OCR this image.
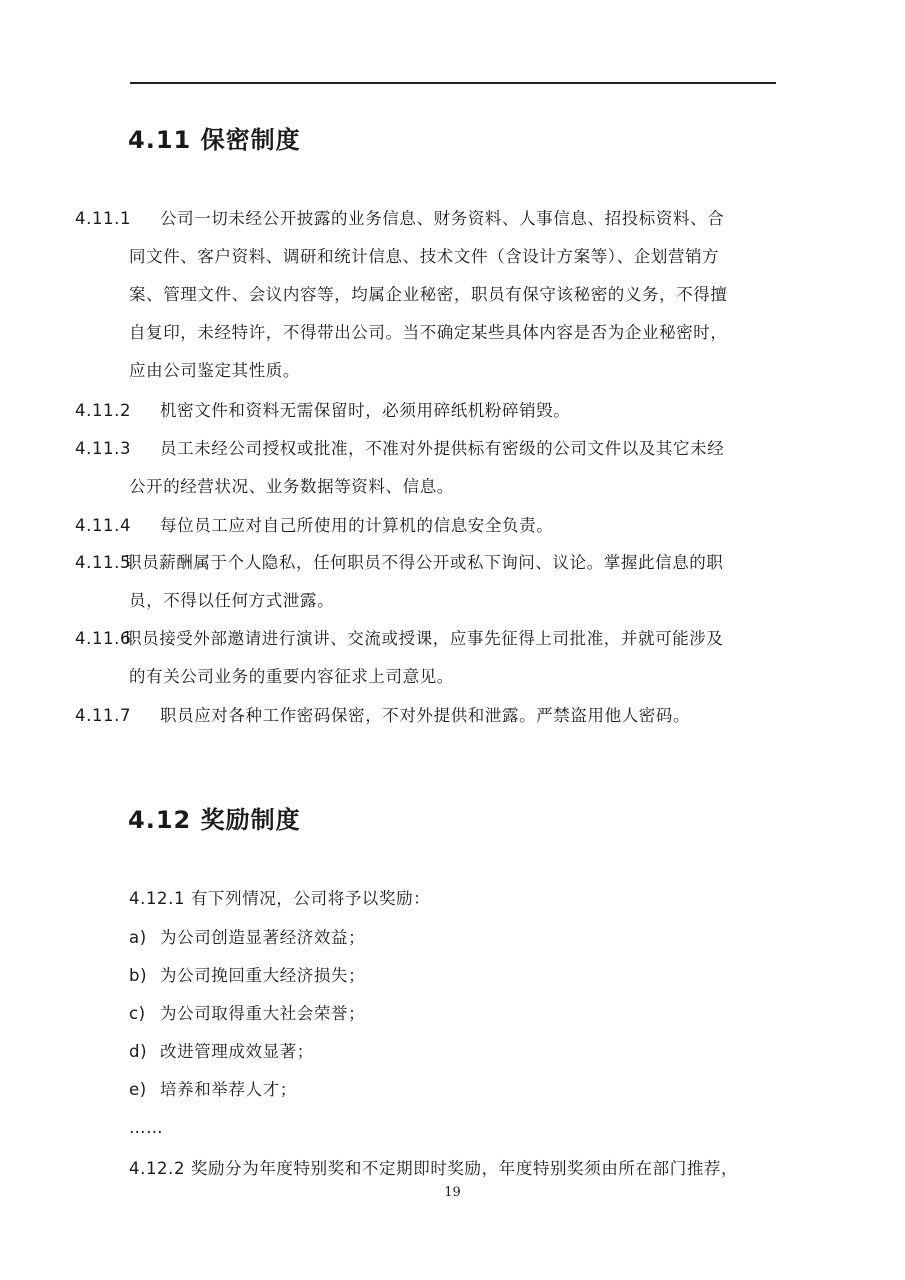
4.11 保密制度
4.11.1 公司一切未经公开披露的业务信息、财务资料、人事信息、招投标资料、合
同文件、客户资料、调研和统计信息、技术文件（含设计方案等）、企划营销方
案、管理文件、会议内容等，均属企业秘密，职员有保守该秘密的义务，不得擅
自复印，未经特许，不得带出公司。当不确定某些具体内容是否为企业秘密时，
应由公司鉴定其性质。
4.11.2 机密文件和资料无需保留时，必须用碎纸机粉碎销毁。
4.11.3 员工未经公司授权或批准，不准对外提供标有密级的公司文件以及其它未经
公开的经营状况、业务数据等资料、信息。
4.11.4 每位员工应对自己所使用的计算机的信息安全负责。
4.11.5
职员薪酬属于个人隐私，任何职员不得公开或私下询问、议论。掌握此信息的职
员，不得以任何方式泄露。
4.11.6
职员接受外部邀请进行演讲、交流或授课，应事先征得上司批准，并就可能涉及
的有关公司业务的重要内容征求上司意见。
4.11.7 职员应对各种工作密码保密，不对外提供和泄露。严禁盗用他人密码。
4.12 奖励制度
4.12.1 有下列情况，公司将予以奖励：
a) 为公司创造显著经济效益；
b) 为公司挽回重大经济损失；
c) 为公司取得重大社会荣誉；
d) 改进管理成效显著；
e) 培养和举荐人才；
……
4.12.2 奖励分为年度特别奖和不定期即时奖励，年度特别奖须由所在部门推荐，
19
